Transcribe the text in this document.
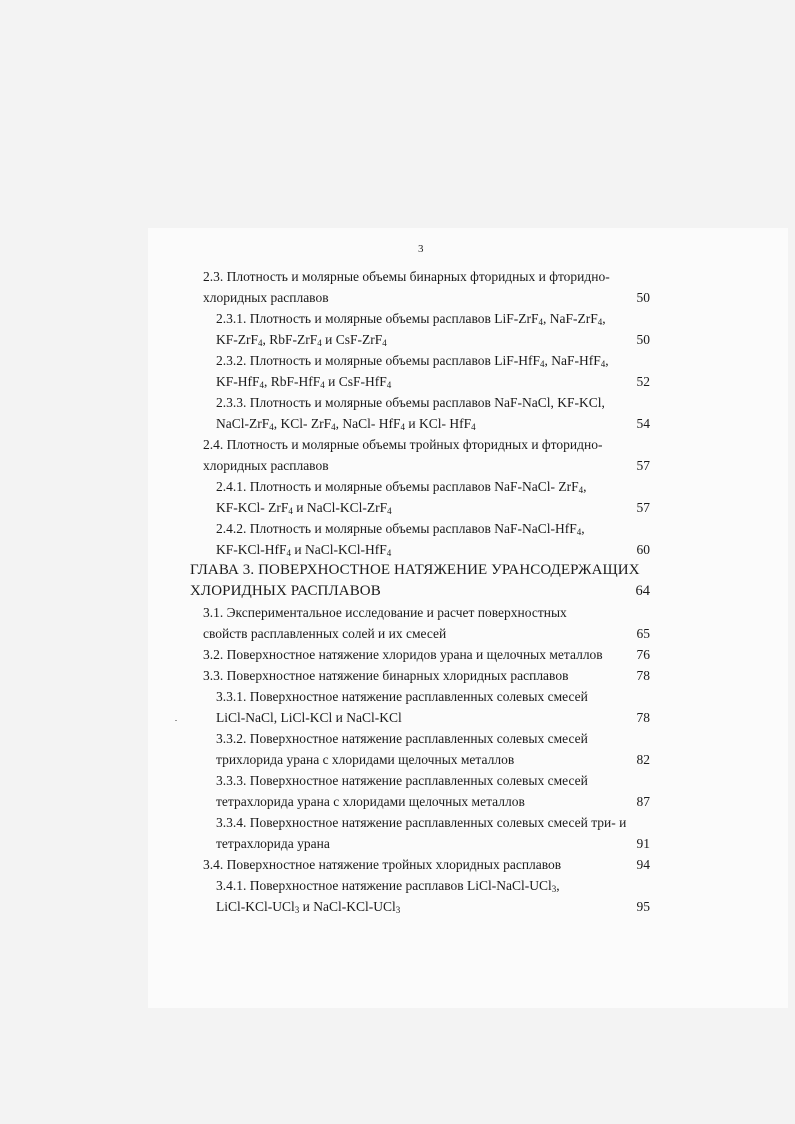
3
2.3. Плотность и молярные объемы бинарных фторидных и фторидно-
хлоридных расплавов	50
2.3.1. Плотность и молярные объемы расплавов LiF-ZrF$_4$, NaF-ZrF$_4$,
KF-ZrF$_4$, RbF-ZrF$_4$ и CsF-ZrF$_4$	50
2.3.2. Плотность и молярные объемы расплавов LiF-HfF$_4$, NaF-HfF$_4$,
KF-HfF$_4$, RbF-HfF$_4$ и CsF-HfF$_4$	52
2.3.3. Плотность и молярные объемы расплавов NaF-NaCl, KF-KCl,
NaCl-ZrF$_4$, KCl- ZrF$_4$, NaCl- HfF$_4$ и KCl- HfF$_4$	54
2.4. Плотность и молярные объемы тройных фторидных и фторидно-
хлоридных расплавов	57
2.4.1. Плотность и молярные объемы расплавов NaF-NaCl- ZrF$_4$,
KF-KCl- ZrF$_4$ и NaCl-KCl-ZrF$_4$	57
2.4.2. Плотность и молярные объемы расплавов NaF-NaCl-HfF$_4$,
KF-KCl-HfF$_4$ и NaCl-KCl-HfF$_4$	60
ГЛАВА 3. ПОВЕРХНОСТНОЕ НАТЯЖЕНИЕ УРАНСОДЕРЖАЩИХ
ХЛОРИДНЫХ РАСПЛАВОВ	64
3.1. Экспериментальное исследование и расчет поверхностных
свойств расплавленных солей и их смесей	65
3.2. Поверхностное натяжение хлоридов урана и щелочных металлов	76
3.3. Поверхностное натяжение бинарных хлоридных расплавов	78
3.3.1. Поверхностное натяжение расплавленных солевых смесей
LiCl-NaCl, LiCl-KCl и NaCl-KCl	78
3.3.2. Поверхностное натяжение расплавленных солевых смесей
трихлорида урана с хлоридами щелочных металлов	82
3.3.3. Поверхностное натяжение расплавленных солевых смесей
тетрахлорида урана с хлоридами щелочных металлов	87
3.3.4. Поверхностное натяжение расплавленных солевых смесей три- и
тетрахлорида урана	91
3.4. Поверхностное натяжение тройных хлоридных расплавов	94
3.4.1. Поверхностное натяжение расплавов LiCl-NaCl-UCl$_3$,
LiCl-KCl-UCl$_3$ и NaCl-KCl-UCl$_3$	95
